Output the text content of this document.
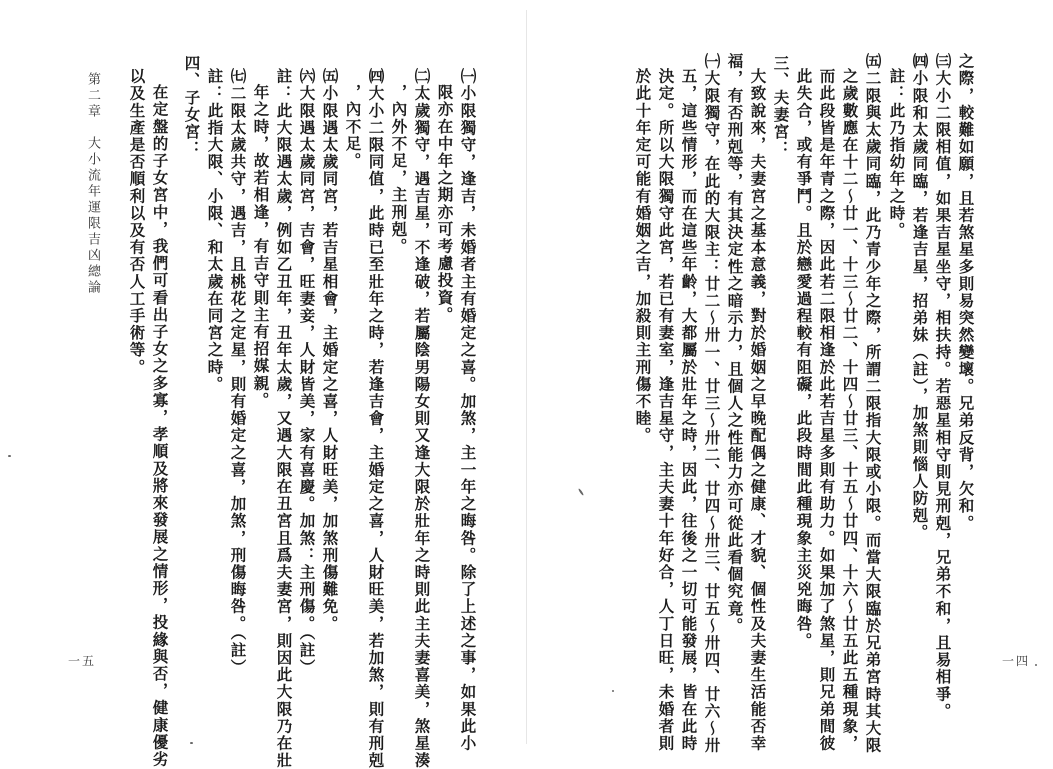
之際，較難如願，且若煞星多則易突然變壞。兄弟反背，欠和。
㈢大小二限相值，如果吉星坐守，相扶持。若惡星相守則見刑剋，兄弟不和，且易相爭。
㈣小限和太歲同臨，若逢吉星，招弟妹（註），加煞則惱人防剋。
註：此乃指幼年之時。
㈤二限與太歲同臨，此乃青少年之際，所謂二限指大限或小限。而當大限臨於兄弟宮時其大限
之歲數應在十二～廿一、十三～廿二、十四～廿三、十五～廿四、十六～廿五此五種現象，
而此段皆是年青之際，因此若二限相逢於此若吉星多則有助力。如果加了煞星，則兄弟間彼
此失合，或有爭鬥。且於戀愛過程較有阻礙，此段時間此種現象主災兇晦咎。
三、夫妻宮：
大致說來，夫妻宮之基本意義，對於婚姻之早晚配偶之健康、才貌、個性及夫妻生活能否幸
福，有否刑剋等，有其決定性之暗示力，且個人之性能力亦可從此看個究竟。
㈠大限獨守，在此的大限主：廿二～卅一、廿三～卅二、廿四～卅三、廿五～卅四、廿六～卅
五，這些情形，而在這些年齡，大都屬於壯年之時，因此，往後之一切可能發展，皆在此時
決定。所以大限獨守此宮，若已有妻室，逢吉星守，主夫妻十年好合，人丁日旺，未婚者則
於此十年定可能有婚姻之吉，加殺則主刑傷不睦。
一四
㈠小限獨守，逢吉，未婚者主有婚定之喜。加煞，主一年之晦咎。除了上述之事，如果此小
限亦在中年之期亦可考慮投資。
㈡太歲獨守，遇吉星，不逢破，若屬陰男陽女則又逢大限於壯年之時則此主夫妻喜美，煞星湊
，內外不足，主刑剋。
㈣大小二限同值，此時已至壯年之時，若逢吉會，主婚定之喜，人財旺美，若加煞，則有刑剋
，內不足。
㈤小限遇太歲同宮，若吉星相會，主婚定之喜，人財旺美，加煞刑傷難免。
㈥大限遇太歲同宮，吉會，旺妻妾，人財皆美，家有喜慶。加煞：主刑傷。（註）
註：此大限遇太歲，例如乙丑年，丑年太歲，又遇大限在丑宮且爲夫妻宮，則因此大限乃在壯
年之時，故若相逢，有吉守則主有招媒親。
㈦二限太歲共守，遇吉，且桃花之定星，則有婚定之喜，加煞，刑傷晦咎。（註）
註：此指大限、小限、和太歲在同宮之時。
四、子女宮：
在定盤的子女宮中，我們可看出子女之多寡，孝順及將來發展之情形，投緣與否，健康優劣
以及生產是否順利以及有否人工手術等。
第二章　大小流年運限吉凶總論
一五
